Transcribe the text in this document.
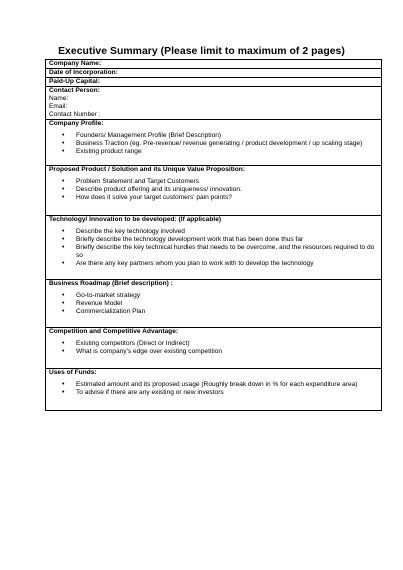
Executive Summary (Please limit to maximum of 2 pages)
Company Name:
Date of Incorporation:
Paid-Up Capital:
Contact Person:
Name:
Email:
Contact Number :
Company Profile:
• Founders/ Management Profile (Brief Description)
• Business Traction (eg. Pre-revenue/ revenue generating / product development / up scaling stage)
• Existing product range
Proposed Product / Solution and its Unique Value Proposition:
• Problem Statement and Target Customers
• Describe product offering and its uniqueness/ innovation.
• How does it solve your target customers' pain points?
Technology/ Innovation to be developed: (If applicable)
• Describe the key technology involved
• Briefly describe the technology development work that has been done thus far
• Briefly describe the key technical hurdles that needs to be overcome, and the resources required to do so
• Are there any key partners whom you plan to work with to develop the technology
Business Roadmap (Brief description) :
• Go-to-market strategy
• Revenue Model
• Commercialization Plan
Competition and Competitive Advantage:
• Existing competitors (Direct or Indirect)
• What is company's edge over existing competition
Uses of Funds:
• Estimated amount and its proposed usage (Roughly break down in % for each expenditure area)
• To advise if there are any existing or new investors
